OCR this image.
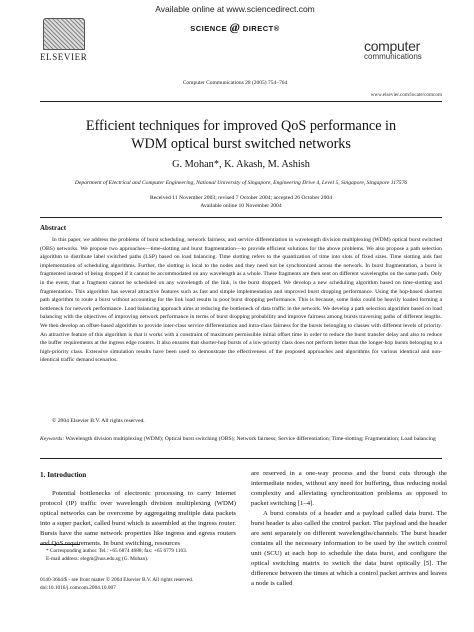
ELSEVIER
Available online at www.sciencedirect.com
SCIENCE @ DIRECT®
Computer Communications 28 (2005) 754–764
computer
communications
www.elsevier.com/locate/comcom
Efficient techniques for improved QoS performance in
WDM optical burst switched networks
G. Mohan*, K. Akash, M. Ashish
Department of Electrical and Computer Engineering, National University of Singapore, Engineering Drive 4, Level 5, Singapore, Singapore 117576
Received 11 November 2003; revised 7 October 2004; accepted 26 October 2004
Available online 10 November 2004
Abstract

In this paper, we address the problems of burst scheduling, network fairness, and service differentiation in wavelength division multiplexing (WDM) optical burst switched (OBS) networks. We propose two approaches—time-slotting and burst fragmentation—to provide efficient solutions for the above problems. We also propose a path selection algorithm to distribute label switched paths (LSP) based on load balancing. Time slotting refers to the quantization of time into slots of fixed sizes. Time slotting aids fast implementation of scheduling algorithms. Further, the slotting is local to the nodes and they need not be synchronized across the network. In burst fragmentation, a burst is fragmented instead of being dropped if it cannot be accommodated on any wavelength as a whole. These fragments are then sent on different wavelengths on the same path. Only in the event, that a fragment cannot be scheduled on any wavelength of the link, is the burst dropped. We develop a new scheduling algorithm based on time-slotting and fragmentation. This algorithm has several attractive features such as fast and simple implementation and improved burst dropping performance. Using the hop-based shortest path algorithm to route a burst without accounting for the link load results in poor burst dropping performance. This is because, some links could be heavily loaded forming a bottleneck for network performance. Load balancing approach aims at reducing the bottleneck of data traffic in the network. We develop a path selection algorithm based on load balancing with the objectives of improving network performance in terms of burst dropping probability and improve fairness among bursts traversing paths of different lengths. We then develop an offset-based algorithm to provide inter-class service differentiation and intra-class fairness for the bursts belonging to classes with different levels of priority. An attractive feature of this algorithm is that it works with a constraint of maximum permissible initial offset time in order to reduce the burst transfer delay and also to reduce the buffer requirements at the ingress edge routers. It also ensures that shorter-hop bursts of a low-priority class does not perform better than the longer-hop bursts belonging to a high-priority class. Extensive simulation results have been used to demonstrate the effectiveness of the proposed approaches and algorithms for various identical and non-identical traffic demand scenarios.

© 2004 Elsevier B.V. All rights reserved.

Keywords: Wavelength division multiplexing (WDM); Optical burst switching (OBS); Network fairness; Service differentiation; Time-slotting; Fragmentation; Load balancing

1. Introduction

Potential bottlenecks of electronic processing to carry Internet protocol (IP) traffic over wavelength division multiplexing (WDM) optical networks can be overcome by aggregating multiple data packets into a super packet, called burst which is assembled at the ingress router. Bursts have the same network properties like ingress and egress routers and QoS requirements. In burst switching, resources

are reserved in a one-way process and the burst cuts through the intermediate nodes, without any need for buffering, thus reducing nodal complexity and alleviating synchronization problems as opposed to packet switching [1–4].

A burst consists of a header and a payload called data burst. The burst header is also called the control packet. The payload and the header are sent separately on different wavelengths/channels. The burst header contains all the necessary information to be used by the switch control unit (SCU) at each hop to schedule the data burst, and configure the optical switching matrix to switch the data burst optically [5]. The difference between the times at which a control packet arrives and leaves a node is called

* Corresponding author. Tel.: +65 6874 4688; fax: +65 6779 1103.

E-mail address: elegm@nus.edu.sg (G. Mohan).

0140-3664/$ - see front matter © 2004 Elsevier B.V. All rights reserved.

doi:10.1016/j.comcom.2004.10.007
